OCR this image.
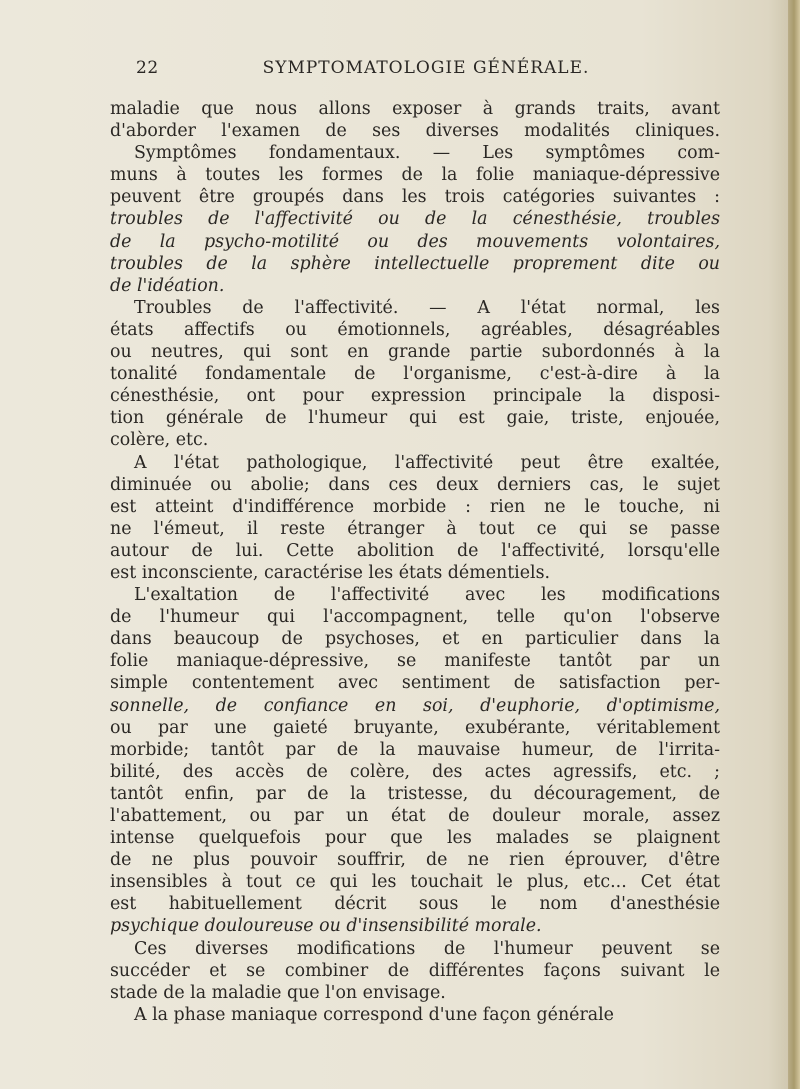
22	SYMPTOMATOLOGIE GÉNÉRALE.
maladie que nous allons exposer à grands traits, avant
d'aborder l'examen de ses diverses modalités cliniques.
Symptômes fondamentaux. — Les symptômes com-
muns à toutes les formes de la folie maniaque-dépressive
peuvent être groupés dans les trois catégories suivantes :
troubles de l'affectivité ou de la cénesthésie, troubles
de la psycho-motilité ou des mouvements volontaires,
troubles de la sphère intellectuelle proprement dite ou
de l'idéation.
Troubles de l'affectivité. — A l'état normal, les
états affectifs ou émotionnels, agréables, désagréables
ou neutres, qui sont en grande partie subordonnés à la
tonalité fondamentale de l'organisme, c'est-à-dire à la
cénesthésie, ont pour expression principale la disposi-
tion générale de l'humeur qui est gaie, triste, enjouée,
colère, etc.
A l'état pathologique, l'affectivité peut être exaltée,
diminuée ou abolie; dans ces deux derniers cas, le sujet
est atteint d'indifférence morbide : rien ne le touche, ni
ne l'émeut, il reste étranger à tout ce qui se passe
autour de lui. Cette abolition de l'affectivité, lorsqu'elle
est inconsciente, caractérise les états démentiels.
L'exaltation de l'affectivité avec les modifications
de l'humeur qui l'accompagnent, telle qu'on l'observe
dans beaucoup de psychoses, et en particulier dans la
folie maniaque-dépressive, se manifeste tantôt par un
simple contentement avec sentiment de satisfaction per-
sonnelle, de confiance en soi, d'euphorie, d'optimisme,
ou par une gaieté bruyante, exubérante, véritablement
morbide; tantôt par de la mauvaise humeur, de l'irrita-
bilité, des accès de colère, des actes agressifs, etc. ;
tantôt enfin, par de la tristesse, du découragement, de
l'abattement, ou par un état de douleur morale, assez
intense quelquefois pour que les malades se plaignent
de ne plus pouvoir souffrir, de ne rien éprouver, d'être
insensibles à tout ce qui les touchait le plus, etc... Cet état
est habituellement décrit sous le nom d'anesthésie
psychique douloureuse ou d'insensibilité morale.
Ces diverses modifications de l'humeur peuvent se
succéder et se combiner de différentes façons suivant le
stade de la maladie que l'on envisage.
A la phase maniaque correspond d'une façon générale
